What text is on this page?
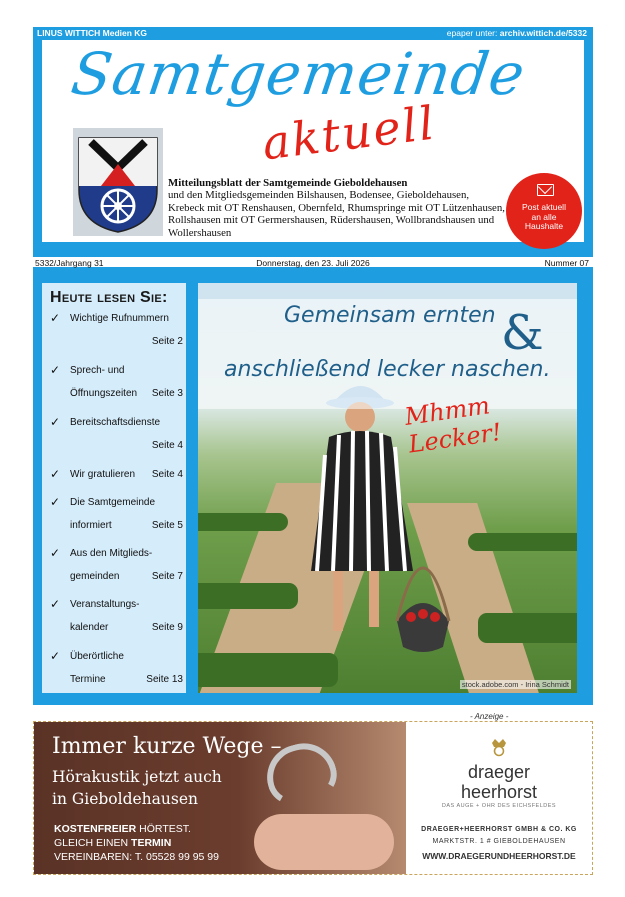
LINUS WITTICH Medien KG	epaper unter: archiv.wittich.de/5332
Samtgemeinde
aktuell
Mitteilungsblatt der Samtgemeinde Gieboldehausen
und den Mitgliedsgemeinden Bilshausen, Bodensee, Gieboldehausen, Krebeck mit OT Renshausen, Obernfeld, Rhumspringe mit OT Lützenhausen, Rollshausen mit OT Germershausen, Rüdershausen, Wollbrandshausen und Wollershausen
Post aktuell
an alle
Haushalte
5332/Jahrgang 31	Donnerstag, den 23. Juli 2026	Nummer 07
Heute lesen Sie:
✓ Wichtige Rufnummern

Seite 2
✓ Sprech- und
Öffnungszeiten Seite 3
✓ Bereitschaftsdienste

Seite 4
✓ Wir gratulieren Seite 4
✓ Die Samtgemeinde
informiert	Seite 5
✓ Aus den Mitglieds-
gemeinden	Seite 7
✓ Veranstaltungs-
kalender	Seite 9
✓ Überörtliche
Termine	Seite 13
Gemeinsam ernten &
anschließend lecker naschen.
Mhmm Lecker!
stock.adobe.com - Irina Schmidt
- Anzeige -
Immer kurze Wege –
Hörakustik jetzt auch
in Gieboldehausen
KOSTENFREIER HÖRTEST.
GLEICH EINEN TERMIN
VEREINBAREN: T. 05528 99 95 99
draeger
heerhorst
DAS AUGE + OHR DES EICHSFELDES
DRAEGER+HEERHORST GMBH & CO. KG
MARKTSTR. 1 # GIEBOLDEHAUSEN
WWW.DRAEGERUNDHEERHORST.DE
